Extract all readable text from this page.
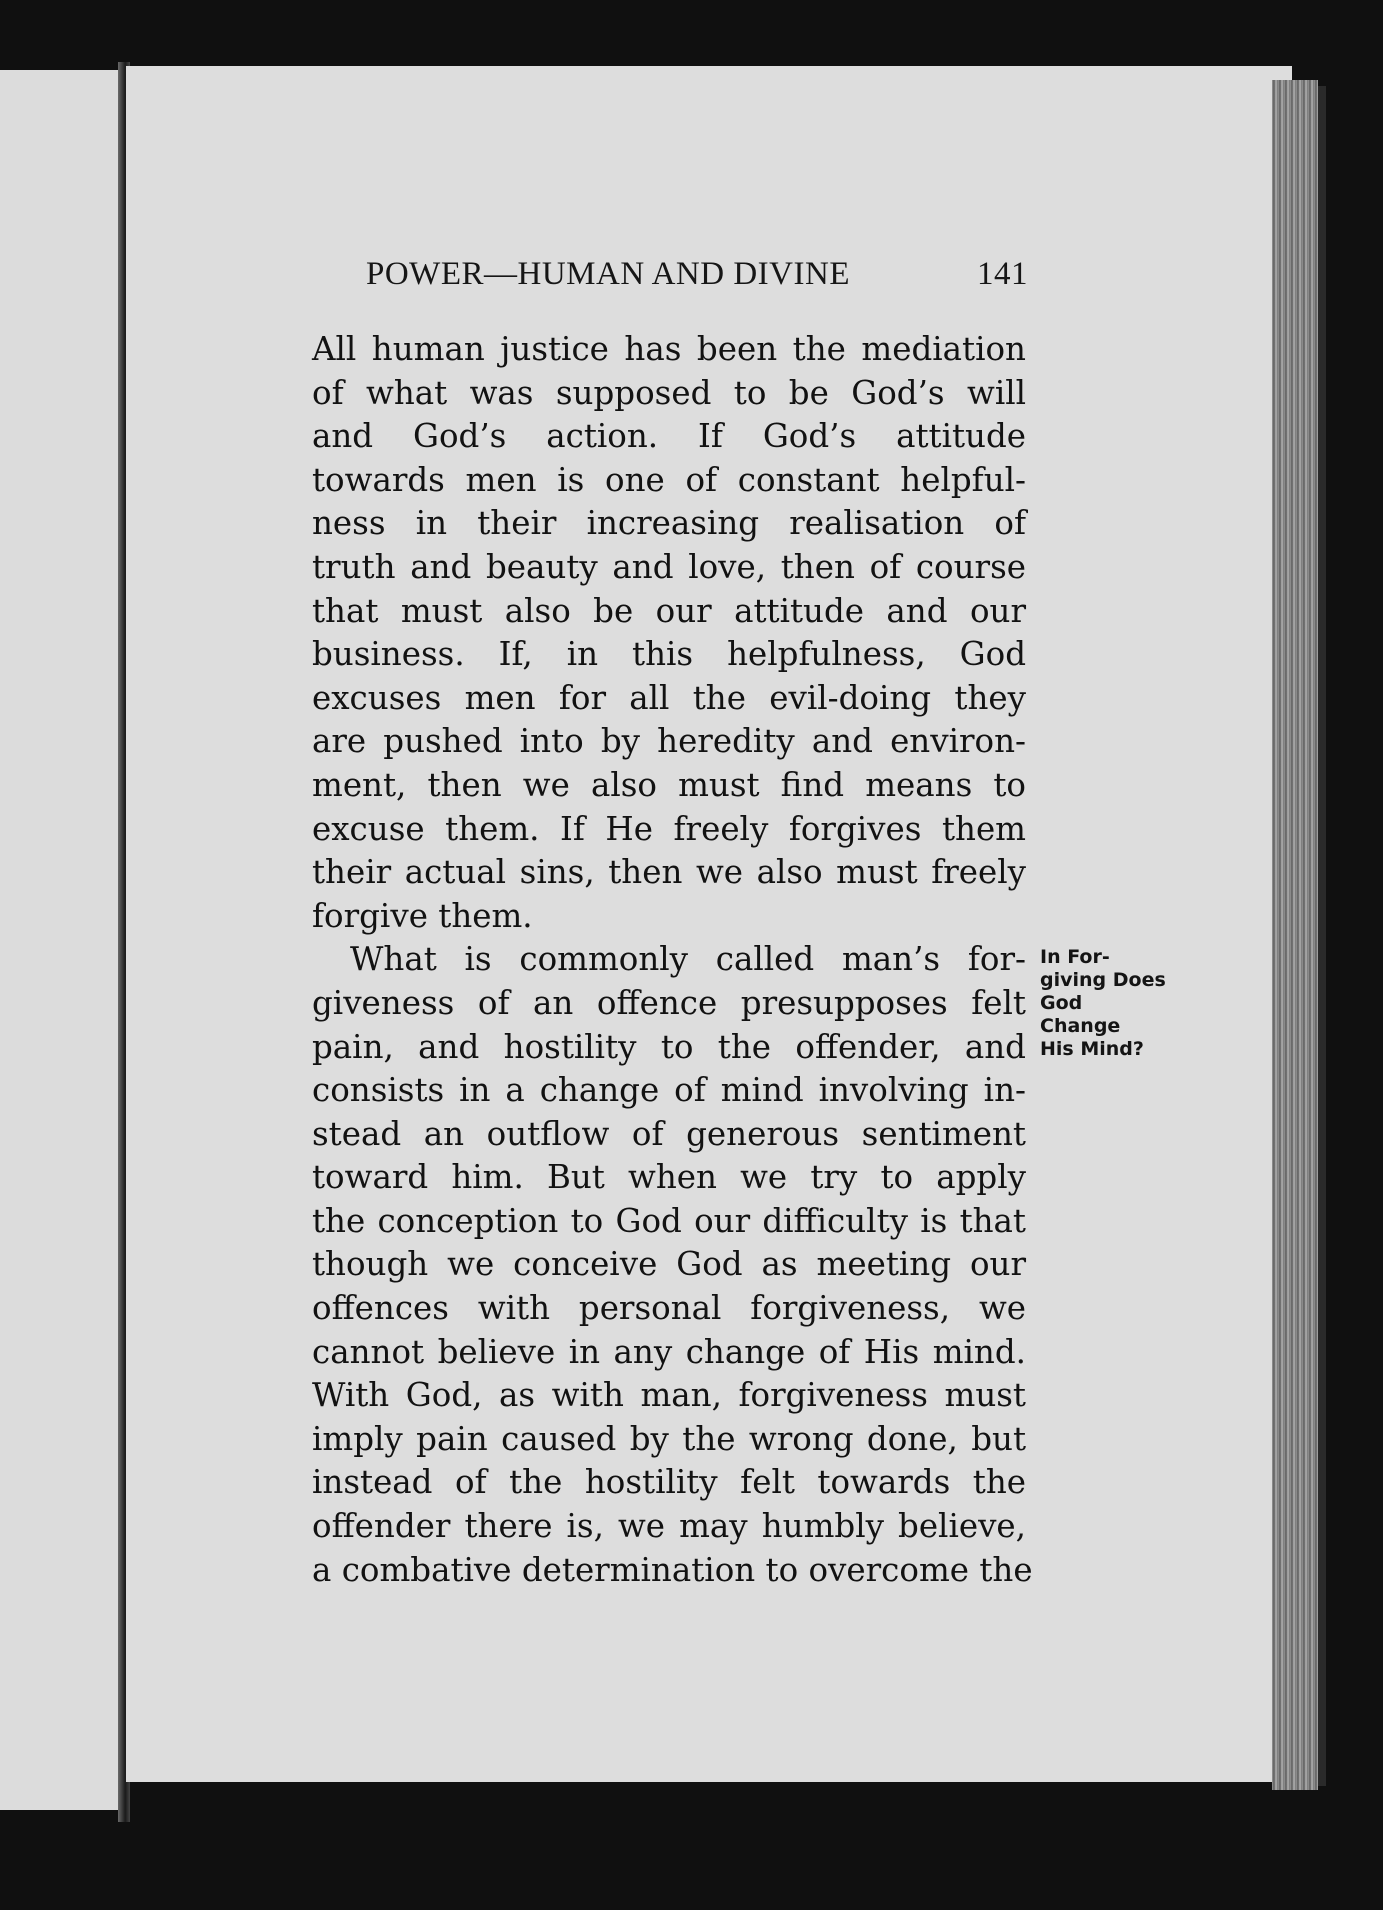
POWER—HUMAN AND DIVINE	141
All human justice has been the mediation
of what was supposed to be God’s will
and God’s action. If God’s attitude
towards men is one of constant helpful-
ness in their increasing realisation of
truth and beauty and love, then of course
that must also be our attitude and our
business. If, in this helpfulness, God
excuses men for all the evil-doing they
are pushed into by heredity and environ-
ment, then we also must find means to
excuse them. If He freely forgives them
their actual sins, then we also must freely
forgive them.
What is commonly called man’s for-
giveness of an offence presupposes felt
pain, and hostility to the offender, and
consists in a change of mind involving in-
stead an outflow of generous sentiment
toward him. But when we try to apply
the conception to God our difficulty is that
though we conceive God as meeting our
offences with personal forgiveness, we
cannot believe in any change of His mind.
With God, as with man, forgiveness must
imply pain caused by the wrong done, but
instead of the hostility felt towards the
offender there is, we may humbly believe,
a combative determination to overcome the
In For-
giving Does
God
Change
His Mind?
